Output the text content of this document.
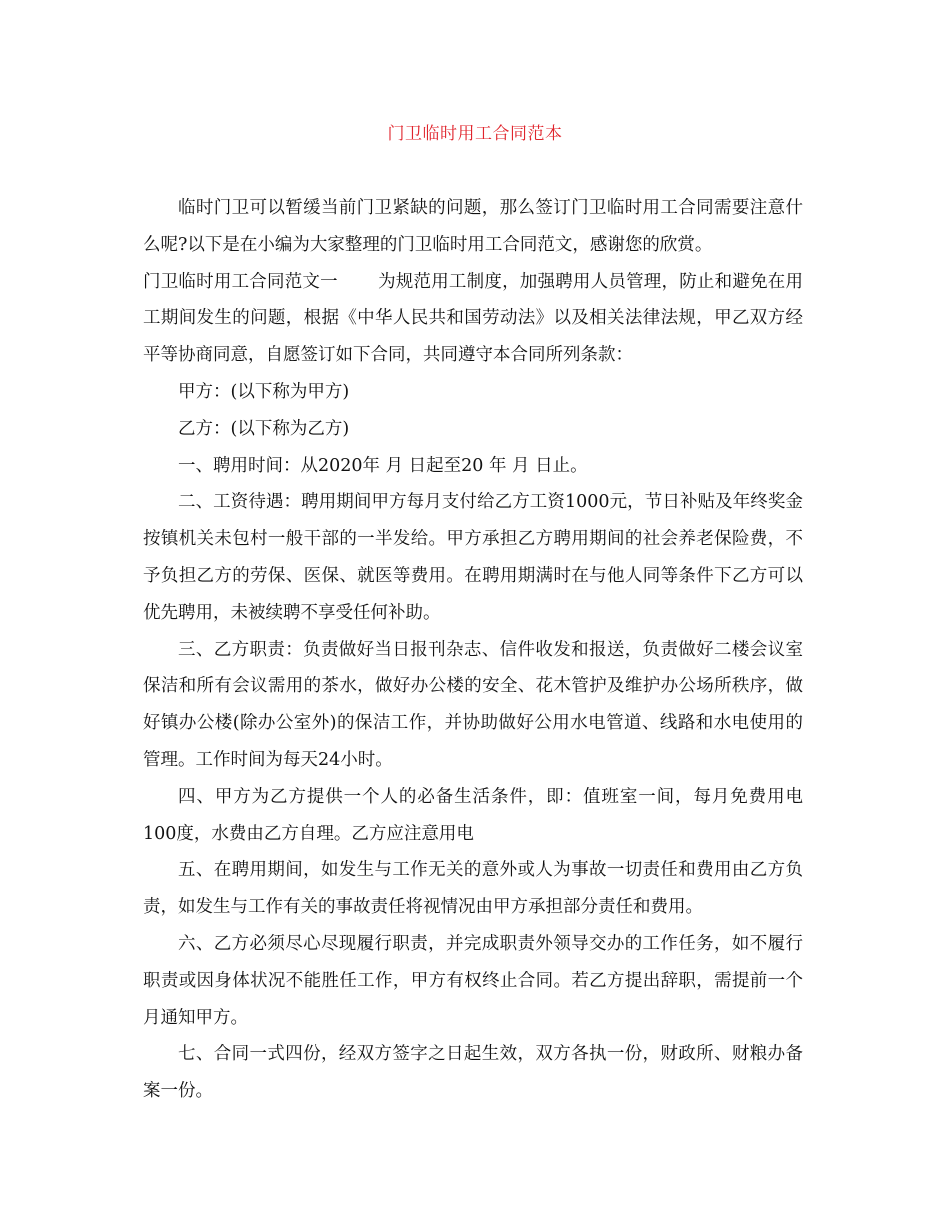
门卫临时用工合同范本

临时门卫可以暂缓当前门卫紧缺的问题，那么签订门卫临时用工合同需要注意什么呢?以下是在小编为大家整理的门卫临时用工合同范文，感谢您的欣赏。

门卫临时用工合同范文一 为规范用工制度，加强聘用人员管理，防止和避免在用工期间发生的问题，根据《中华人民共和国劳动法》以及相关法律法规，甲乙双方经平等协商同意，自愿签订如下合同，共同遵守本合同所列条款：

甲方：(以下称为甲方)

乙方：(以下称为乙方)

一、聘用时间：从2020年 月 日起至20 年 月 日止。

二、工资待遇：聘用期间甲方每月支付给乙方工资1000元，节日补贴及年终奖金按镇机关未包村一般干部的一半发给。甲方承担乙方聘用期间的社会养老保险费，不予负担乙方的劳保、医保、就医等费用。在聘用期满时在与他人同等条件下乙方可以优先聘用，未被续聘不享受任何补助。

三、乙方职责：负责做好当日报刊杂志、信件收发和报送，负责做好二楼会议室保洁和所有会议需用的茶水，做好办公楼的安全、花木管护及维护办公场所秩序，做好镇办公楼(除办公室外)的保洁工作，并协助做好公用水电管道、线路和水电使用的管理。工作时间为每天24小时。

四、甲方为乙方提供一个人的必备生活条件，即：值班室一间，每月免费用电100度，水费由乙方自理。乙方应注意用电

五、在聘用期间，如发生与工作无关的意外或人为事故一切责任和费用由乙方负责，如发生与工作有关的事故责任将视情况由甲方承担部分责任和费用。

六、乙方必须尽心尽现履行职责，并完成职责外领导交办的工作任务，如不履行职责或因身体状况不能胜任工作，甲方有权终止合同。若乙方提出辞职，需提前一个月通知甲方。

七、合同一式四份，经双方签字之日起生效，双方各执一份，财政所、财粮办备案一份。
